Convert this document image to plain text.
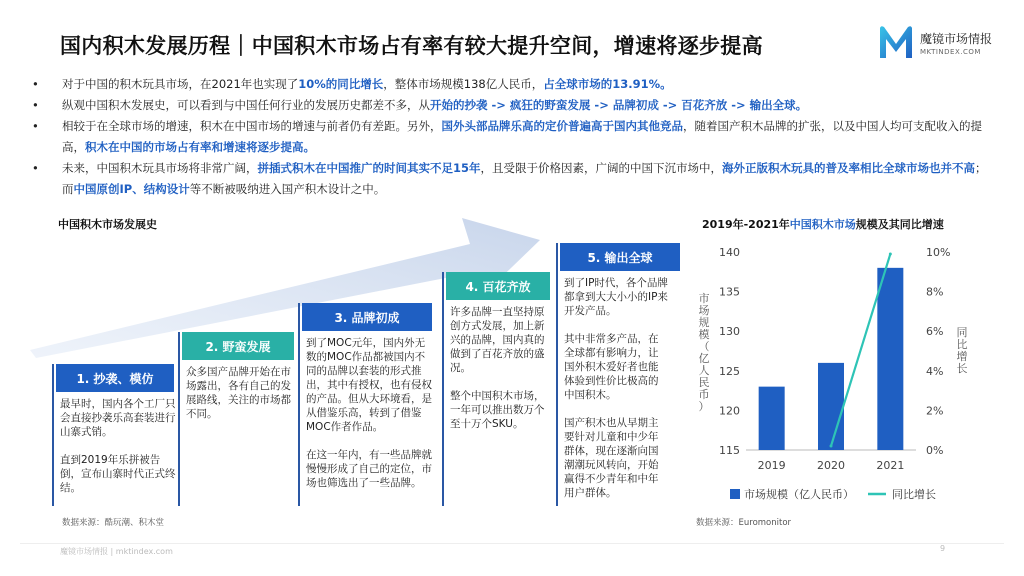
国内积木发展历程｜中国积木市场占有率有较大提升空间，增速将逐步提高	魔镜市场情报
MKTINDEX.COM
• 对于中国的积木玩具市场，在2021年也实现了10%的同比增长，整体市场规模138亿人民币，占全球市场的13.91%。
• 纵观中国积木发展史，可以看到与中国任何行业的发展历史都差不多，从开始的抄袭 -> 疯狂的野蛮发展 -> 品牌初成 -> 百花齐放 -> 输出全球。
• 相较于在全球市场的增速，积木在中国市场的增速与前者仍有差距。另外，国外头部品牌乐高的定价普遍高于国内其他竞品，随着国产积木品牌的扩张，以及中国人均可支配收入的提高，积木在中国的市场占有率和增速将逐步提高。
• 未来，中国积木玩具市场将非常广阔，拼插式积木在中国推广的时间其实不足15年，且受限于价格因素，广阔的中国下沉市场中，海外正版积木玩具的普及率相比全球市场也并不高；而中国原创IP、结构设计等不断被吸纳进入国产积木设计之中。
中国积木市场发展史
1. 抄袭、模仿

最早时，国内各个工厂只会直接抄袭乐高套装进行山寨式销。

直到2019年乐拼被告倒，宣布山寨时代正式终结。

2. 野蛮发展

众多国产品牌开始在市场露出，各有自己的发展路线，关注的市场都不同。

3. 品牌初成

到了MOC元年，国内外无数的MOC作品都被国内不同的品牌以套装的形式推出，其中有授权，也有侵权的产品。但从大环境看，是从借鉴乐高，转到了借鉴MOC作者作品。

在这一年内，有一些品牌就慢慢形成了自己的定位，市场也筛选出了一些品牌。

4. 百花齐放

许多品牌一直坚持原创方式发展，加上新兴的品牌，国内真的做到了百花齐放的盛况。

整个中国积木市场，一年可以推出数万个至十万个SKU。

5. 输出全球

到了IP时代，各个品牌都拿到大大小小的IP来开发产品。

其中非常多产品，在全球都有影响力，让国外积木爱好者也能体验到性价比极高的中国积木。

国产积木也从早期主要针对儿童和中少年群体，现在逐渐向国潮潮玩风转向，开始赢得不少青年和中年用户群体。

数据来源：酷玩潮、积木堂
2019年-2021年中国积木市场规模及其同比增速
115
120
125
130
135
140
0%
2%
4%
6%
8%
10%
2019	2020	2021
市场规模（亿人民币）
同比增长
市场规模（亿人民币）	同比增长
数据来源：Euromonitor
魔镜市场情报 | mktindex.com	9
